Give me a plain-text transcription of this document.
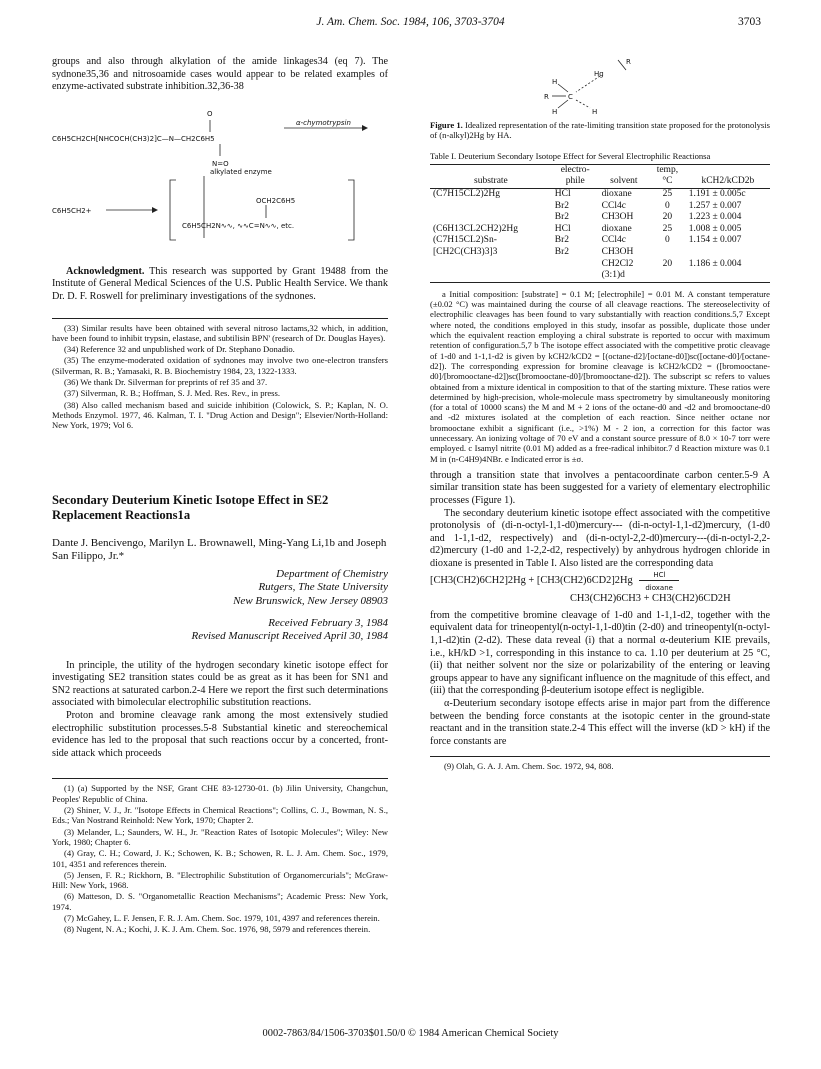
J. Am. Chem. Soc. 1984, 106, 3703-3704	3703

groups and also through alkylation of the amide linkages34 (eq 7). The sydnone35,36 and nitrosoamide cases would appear to be related examples of enzyme-activated substrate inhibition.32,36-38

O
C6H5CH2CH[NHCOCH(CH3)2]C—N—CH2C6H5
α-chymotrypsin
N=O
alkylated enzyme
C6H5CH2+
OCH2C6H5
C6H5CH2N∿∿, ∿∿C=N∿∿, etc.

Acknowledgment. This research was supported by Grant 19488 from the Institute of General Medical Sciences of the U.S. Public Health Service. We thank Dr. D. F. Roswell for preliminary investigations of the sydnones.

(33) Similar results have been obtained with several nitroso lactams,32 which, in addition, have been found to inhibit trypsin, elastase, and subtilisin BPN' (research of Dr. Douglas Hayes).

(34) Reference 32 and unpublished work of Dr. Stephano Donadio.

(35) The enzyme-moderated oxidation of sydnones may involve two one-electron transfers (Silverman, R. B.; Yamasaki, R. B. Biochemistry 1984, 23, 1322-1333.

(36) We thank Dr. Silverman for preprints of ref 35 and 37.

(37) Silverman, R. B.; Hoffman, S. J. Med. Res. Rev., in press.

(38) Also called mechanism based and suicide inhibition (Colowick, S. P.; Kaplan, N. O. Methods Enzymol. 1977, 46. Kalman, T. I. "Drug Action and Design"; Elsevier/North-Holland: New York, 1979; Vol 6.

Secondary Deuterium Kinetic Isotope Effect in SE2 Replacement Reactions1a
Dante J. Bencivengo, Marilyn L. Brownawell, Ming-Yang Li,1b and Joseph San Filippo, Jr.*
Department of Chemistry
Rutgers, The State University
New Brunswick, New Jersey 08903
Received February 3, 1984
Revised Manuscript Received April 30, 1984

In principle, the utility of the hydrogen secondary kinetic isotope effect for investigating SE2 transition states could be as great as it has been for SN1 and SN2 reactions at saturated carbon.2-4 Here we report the first such determinations associated with bimolecular electrophilic substitution reactions.

Proton and bromine cleavage rank among the most extensively studied electrophilic substitution processes.5-8 Substantial kinetic and stereochemical evidence has led to the proposal that such reactions occur by a concerted, front-side attack which proceeds

(1) (a) Supported by the NSF, Grant CHE 83-12730-01. (b) Jilin University, Changchun, Peoples' Republic of China.

(2) Shiner, V. J., Jr. "Isotope Effects in Chemical Reactions"; Collins, C. J., Bowman, N. S., Eds.; Van Nostrand Reinhold: New York, 1970; Chapter 2.

(3) Melander, L.; Saunders, W. H., Jr. "Reaction Rates of Isotopic Molecules"; Wiley: New York, 1980; Chapter 6.

(4) Gray, C. H.; Coward, J. K.; Schowen, K. B.; Schowen, R. L. J. Am. Chem. Soc., 1979, 101, 4351 and references therein.

(5) Jensen, F. R.; Rickhorn, B. "Electrophilic Substitution of Organomercurials"; McGraw-Hill: New York, 1968.

(6) Matteson, D. S. "Organometallic Reaction Mechanisms"; Academic Press: New York, 1974.

(7) McGahey, L. F. Jensen, F. R. J. Am. Chem. Soc. 1979, 101, 4397 and references therein.

(8) Nugent, N. A.; Kochi, J. K. J. Am. Chem. Soc. 1976, 98, 5979 and references therein.

R
Hg
H
R	C
H	H

Figure 1. Idealized representation of the rate-limiting transition state proposed for the protonolysis of (n-alkyl)2Hg by HA.

Table I. Deuterium Secondary Isotope Effect for Several Electrophilic Reactionsa

	electro-		temp,	
substrate	phile	solvent	°C	kCH2/kCD2b
(C7H15CL2)2Hg	HCl	dioxane	25	1.191 ± 0.005c
	Br2	CCl4c	0	1.257 ± 0.007
	Br2	CH3OH	20	1.223 ± 0.004
(C6H13CL2CH2)2Hg	HCl	dioxane	25	1.008 ± 0.005
(C7H15CL2)Sn-	Br2	CCl4c	0	1.154 ± 0.007
[CH2C(CH3)3]3	Br2	CH3OH		
		CH2Cl2	20	1.186 ± 0.004
		(3:1)d		

a Initial composition: [substrate] = 0.1 M; [electrophile] = 0.01 M. A constant temperature (±0.02 °C) was maintained during the course of all cleavage reactions. The stereoselectivity of electrophilic cleavages has been found to vary substantially with reaction conditions.5,7 Except where noted, the conditions employed in this study, insofar as possible, duplicate those under which the equivalent reaction employing a chiral substrate is reported to occur with maximum retention of configuration.5,7 b The isotope effect associated with the competitive protic cleavage of 1-d0 and 1-1,1-d2 is given by kCH2/kCD2 = [(octane-d2]/[octane-d0])sc([octane-d0]/[octane-d2]). The corresponding expression for bromine cleavage is kCH2/kCD2 = ([bromooctane-d0]/[bromooctane-d2])sc([bromooctane-d0]/[bromooctane-d2]). The subscript sc refers to values obtained from a mixture identical in composition to that of the starting mixture. These ratios were determined by high-precision, whole-molecule mass spectrometry by simultaneously monitoring (for a total of 10000 scans) the M and M + 2 ions of the octane-d0 and -d2 and bromooctane-d0 and -d2 mixtures isolated at the completion of each reaction. Since neither octane nor bromooctane exhibit a significant (i.e., >1%) M - 2 ion, a correction for this factor was unnecessary. An ionizing voltage of 70 eV and a constant source pressure of 8.0 × 10-7 torr were employed. c Isamyl nitrite (0.01 M) added as a free-radical inhibitor.7 d Reaction mixture was 0.1 M in (n-C4H9)4NBr. e Indicated error is ±σ.

through a transition state that involves a pentacoordinate carbon center.5-9 A similar transition state has been suggested for a variety of elementary electrophilic processes (Figure 1).

The secondary deuterium kinetic isotope effect associated with the competitive protonolysis of (di-n-octyl-1,1-d0)mercury--- (di-n-octyl-1,1-d2)mercury, (1-d0 and 1-1,1-d2, respectively) and (di-n-octyl-2,2-d0)mercury---(di-n-octyl-2,2-d2)mercury (1-d0 and 1-2,2-d2, respectively) by anhydrous hydrogen chloride in dioxane is presented in Table I. Also listed are the corresponding data

[CH3(CH2)6CH2]2Hg + [CH3(CH2)6CD2]2Hg	HCl
dioxane
CH3(CH2)6CH3 + CH3(CH2)6CD2H

from the competitive bromine cleavage of 1-d0 and 1-1,1-d2, together with the equivalent data for trineopentyl(n-octyl-1,1-d0)tin (2-d0) and trineopentyl(n-octyl-1,1-d2)tin (2-d2). These data reveal (i) that a normal α-deuterium KIE prevails, i.e., kH/kD >1, corresponding in this instance to ca. 1.10 per deuterium at 25 °C, (ii) that neither solvent nor the size or polarizability of the entering or leaving groups appear to have any significant influence on the magnitude of this effect, and (iii) that the corresponding β-deuterium isotope effect is negligible.

α-Deuterium secondary isotope effects arise in major part from the difference between the bending force constants at the isotopic center in the ground-state reactant and in the transition state.2-4 This effect will the inverse (kD > kH) if the force constants are

(9) Olah, G. A. J. Am. Chem. Soc. 1972, 94, 808.

0002-7863/84/1506-3703$01.50/0 © 1984 American Chemical Society
